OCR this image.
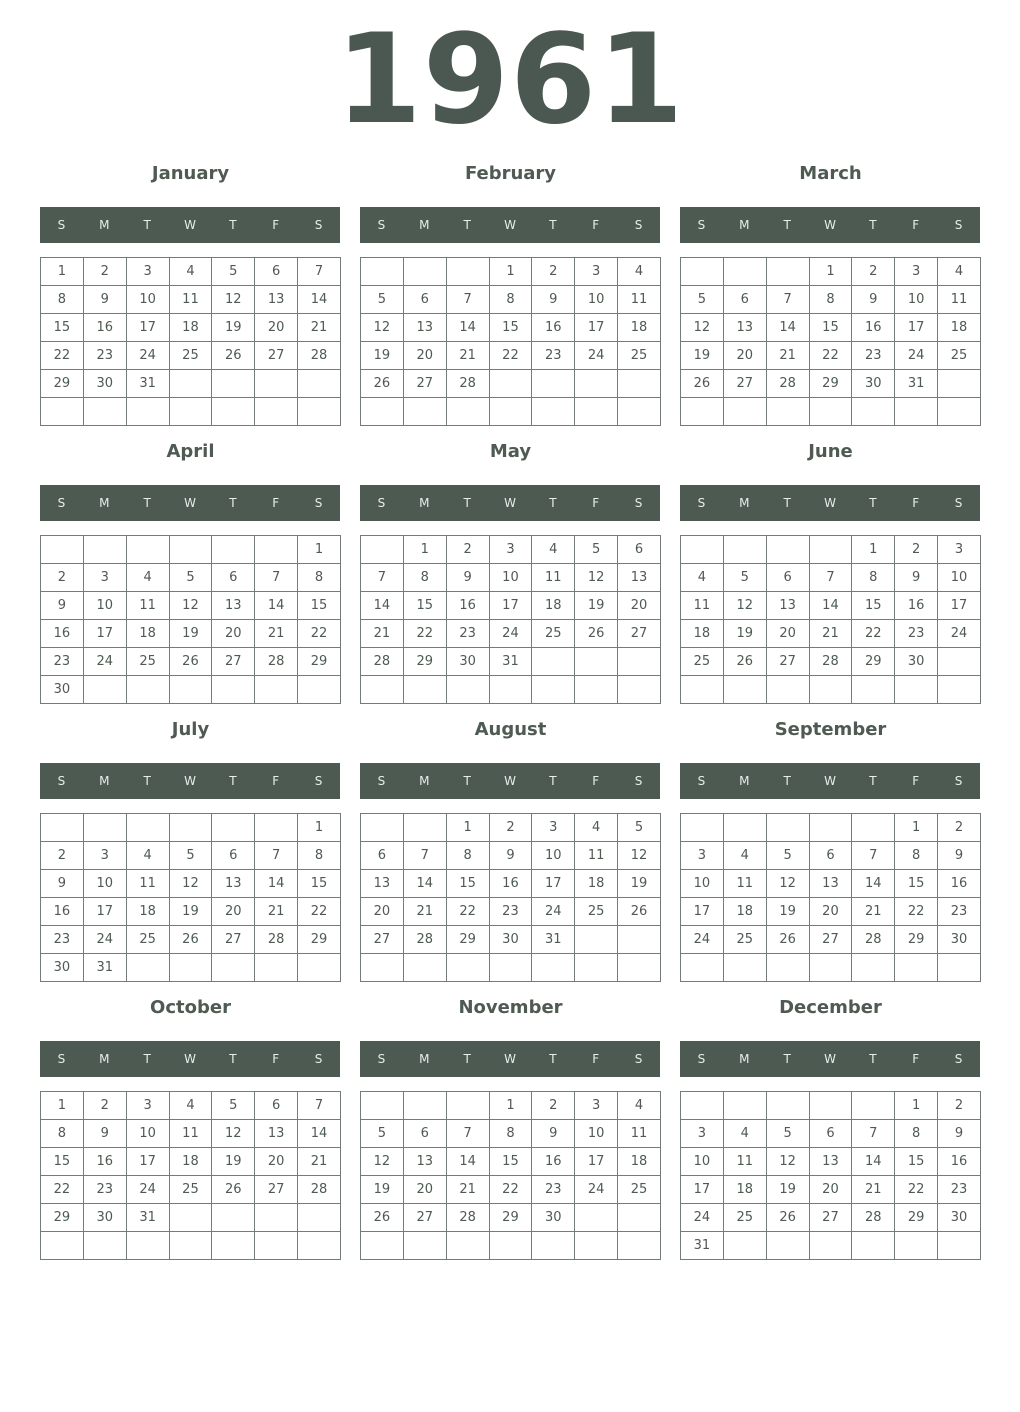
1961
January
S	M	T	W	T	F	S
1	2	3	4	5	6	7
8	9	10	11	12	13	14
15	16	17	18	19	20	21
22	23	24	25	26	27	28
29	30	31				

February
S	M	T	W	T	F	S
			1	2	3	4
5	6	7	8	9	10	11
12	13	14	15	16	17	18
19	20	21	22	23	24	25
26	27	28				

March
S	M	T	W	T	F	S
			1	2	3	4
5	6	7	8	9	10	11
12	13	14	15	16	17	18
19	20	21	22	23	24	25
26	27	28	29	30	31	

April
S	M	T	W	T	F	S
						1
2	3	4	5	6	7	8
9	10	11	12	13	14	15
16	17	18	19	20	21	22
23	24	25	26	27	28	29
30						
May
S	M	T	W	T	F	S
	1	2	3	4	5	6
7	8	9	10	11	12	13
14	15	16	17	18	19	20
21	22	23	24	25	26	27
28	29	30	31			

June
S	M	T	W	T	F	S
				1	2	3
4	5	6	7	8	9	10
11	12	13	14	15	16	17
18	19	20	21	22	23	24
25	26	27	28	29	30	

July
S	M	T	W	T	F	S
						1
2	3	4	5	6	7	8
9	10	11	12	13	14	15
16	17	18	19	20	21	22
23	24	25	26	27	28	29
30	31					
August
S	M	T	W	T	F	S
		1	2	3	4	5
6	7	8	9	10	11	12
13	14	15	16	17	18	19
20	21	22	23	24	25	26
27	28	29	30	31		

September
S	M	T	W	T	F	S
					1	2
3	4	5	6	7	8	9
10	11	12	13	14	15	16
17	18	19	20	21	22	23
24	25	26	27	28	29	30

October
S	M	T	W	T	F	S
1	2	3	4	5	6	7
8	9	10	11	12	13	14
15	16	17	18	19	20	21
22	23	24	25	26	27	28
29	30	31				

November
S	M	T	W	T	F	S
			1	2	3	4
5	6	7	8	9	10	11
12	13	14	15	16	17	18
19	20	21	22	23	24	25
26	27	28	29	30		

December
S	M	T	W	T	F	S
					1	2
3	4	5	6	7	8	9
10	11	12	13	14	15	16
17	18	19	20	21	22	23
24	25	26	27	28	29	30
31						
